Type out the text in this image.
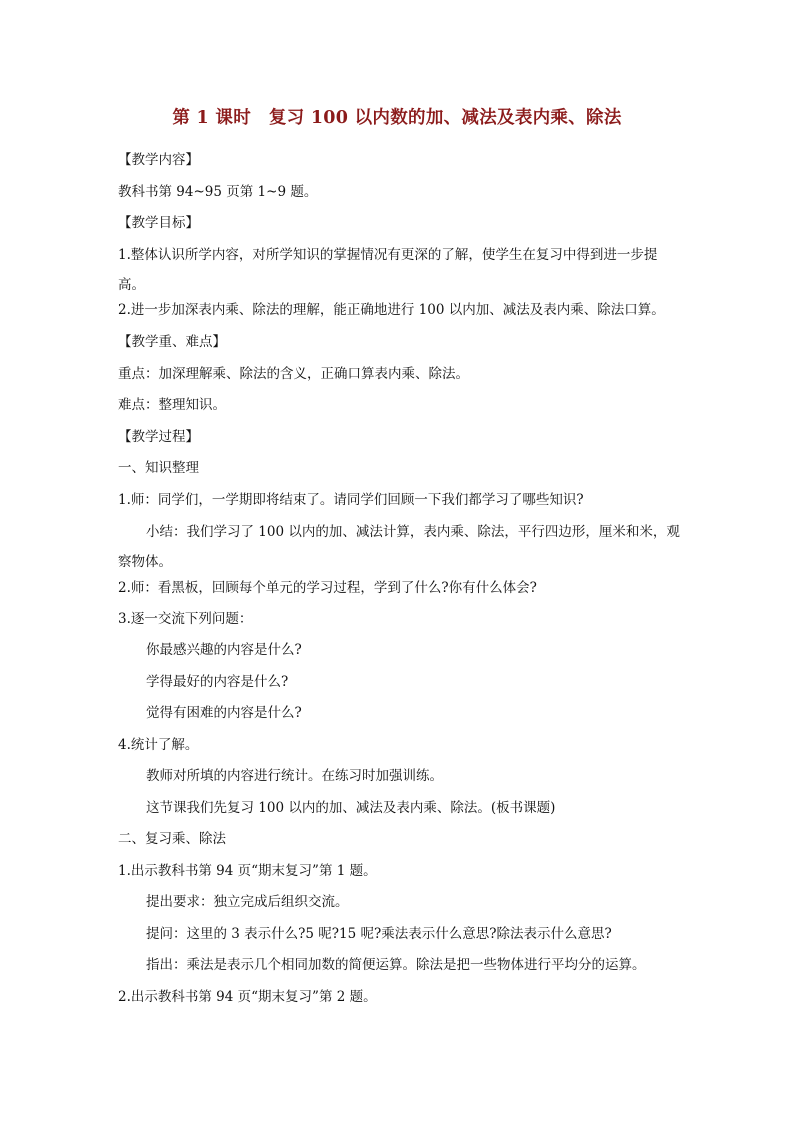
第 1 课时　复习 100 以内数的加、减法及表内乘、除法
【教学内容】
教科书第 94~95 页第 1~9 题。
【教学目标】
1.整体认识所学内容，对所学知识的掌握情况有更深的了解，使学生在复习中得到进一步提高。
2.进一步加深表内乘、除法的理解，能正确地进行 100 以内加、减法及表内乘、除法口算。
【教学重、难点】
重点：加深理解乘、除法的含义，正确口算表内乘、除法。
难点：整理知识。
【教学过程】
一、知识整理
1.师：同学们，一学期即将结束了。请同学们回顾一下我们都学习了哪些知识?
小结：我们学习了 100 以内的加、减法计算，表内乘、除法，平行四边形，厘米和米，观察物体。
2.师：看黑板，回顾每个单元的学习过程，学到了什么?你有什么体会?
3.逐一交流下列问题：
你最感兴趣的内容是什么?
学得最好的内容是什么?
觉得有困难的内容是什么?
4.统计了解。
教师对所填的内容进行统计。在练习时加强训练。
这节课我们先复习 100 以内的加、减法及表内乘、除法。(板书课题)
二、复习乘、除法
1.出示教科书第 94 页“期末复习”第 1 题。
提出要求：独立完成后组织交流。
提问：这里的 3 表示什么?5 呢?15 呢?乘法表示什么意思?除法表示什么意思?
指出：乘法是表示几个相同加数的简便运算。除法是把一些物体进行平均分的运算。
2.出示教科书第 94 页“期末复习”第 2 题。
